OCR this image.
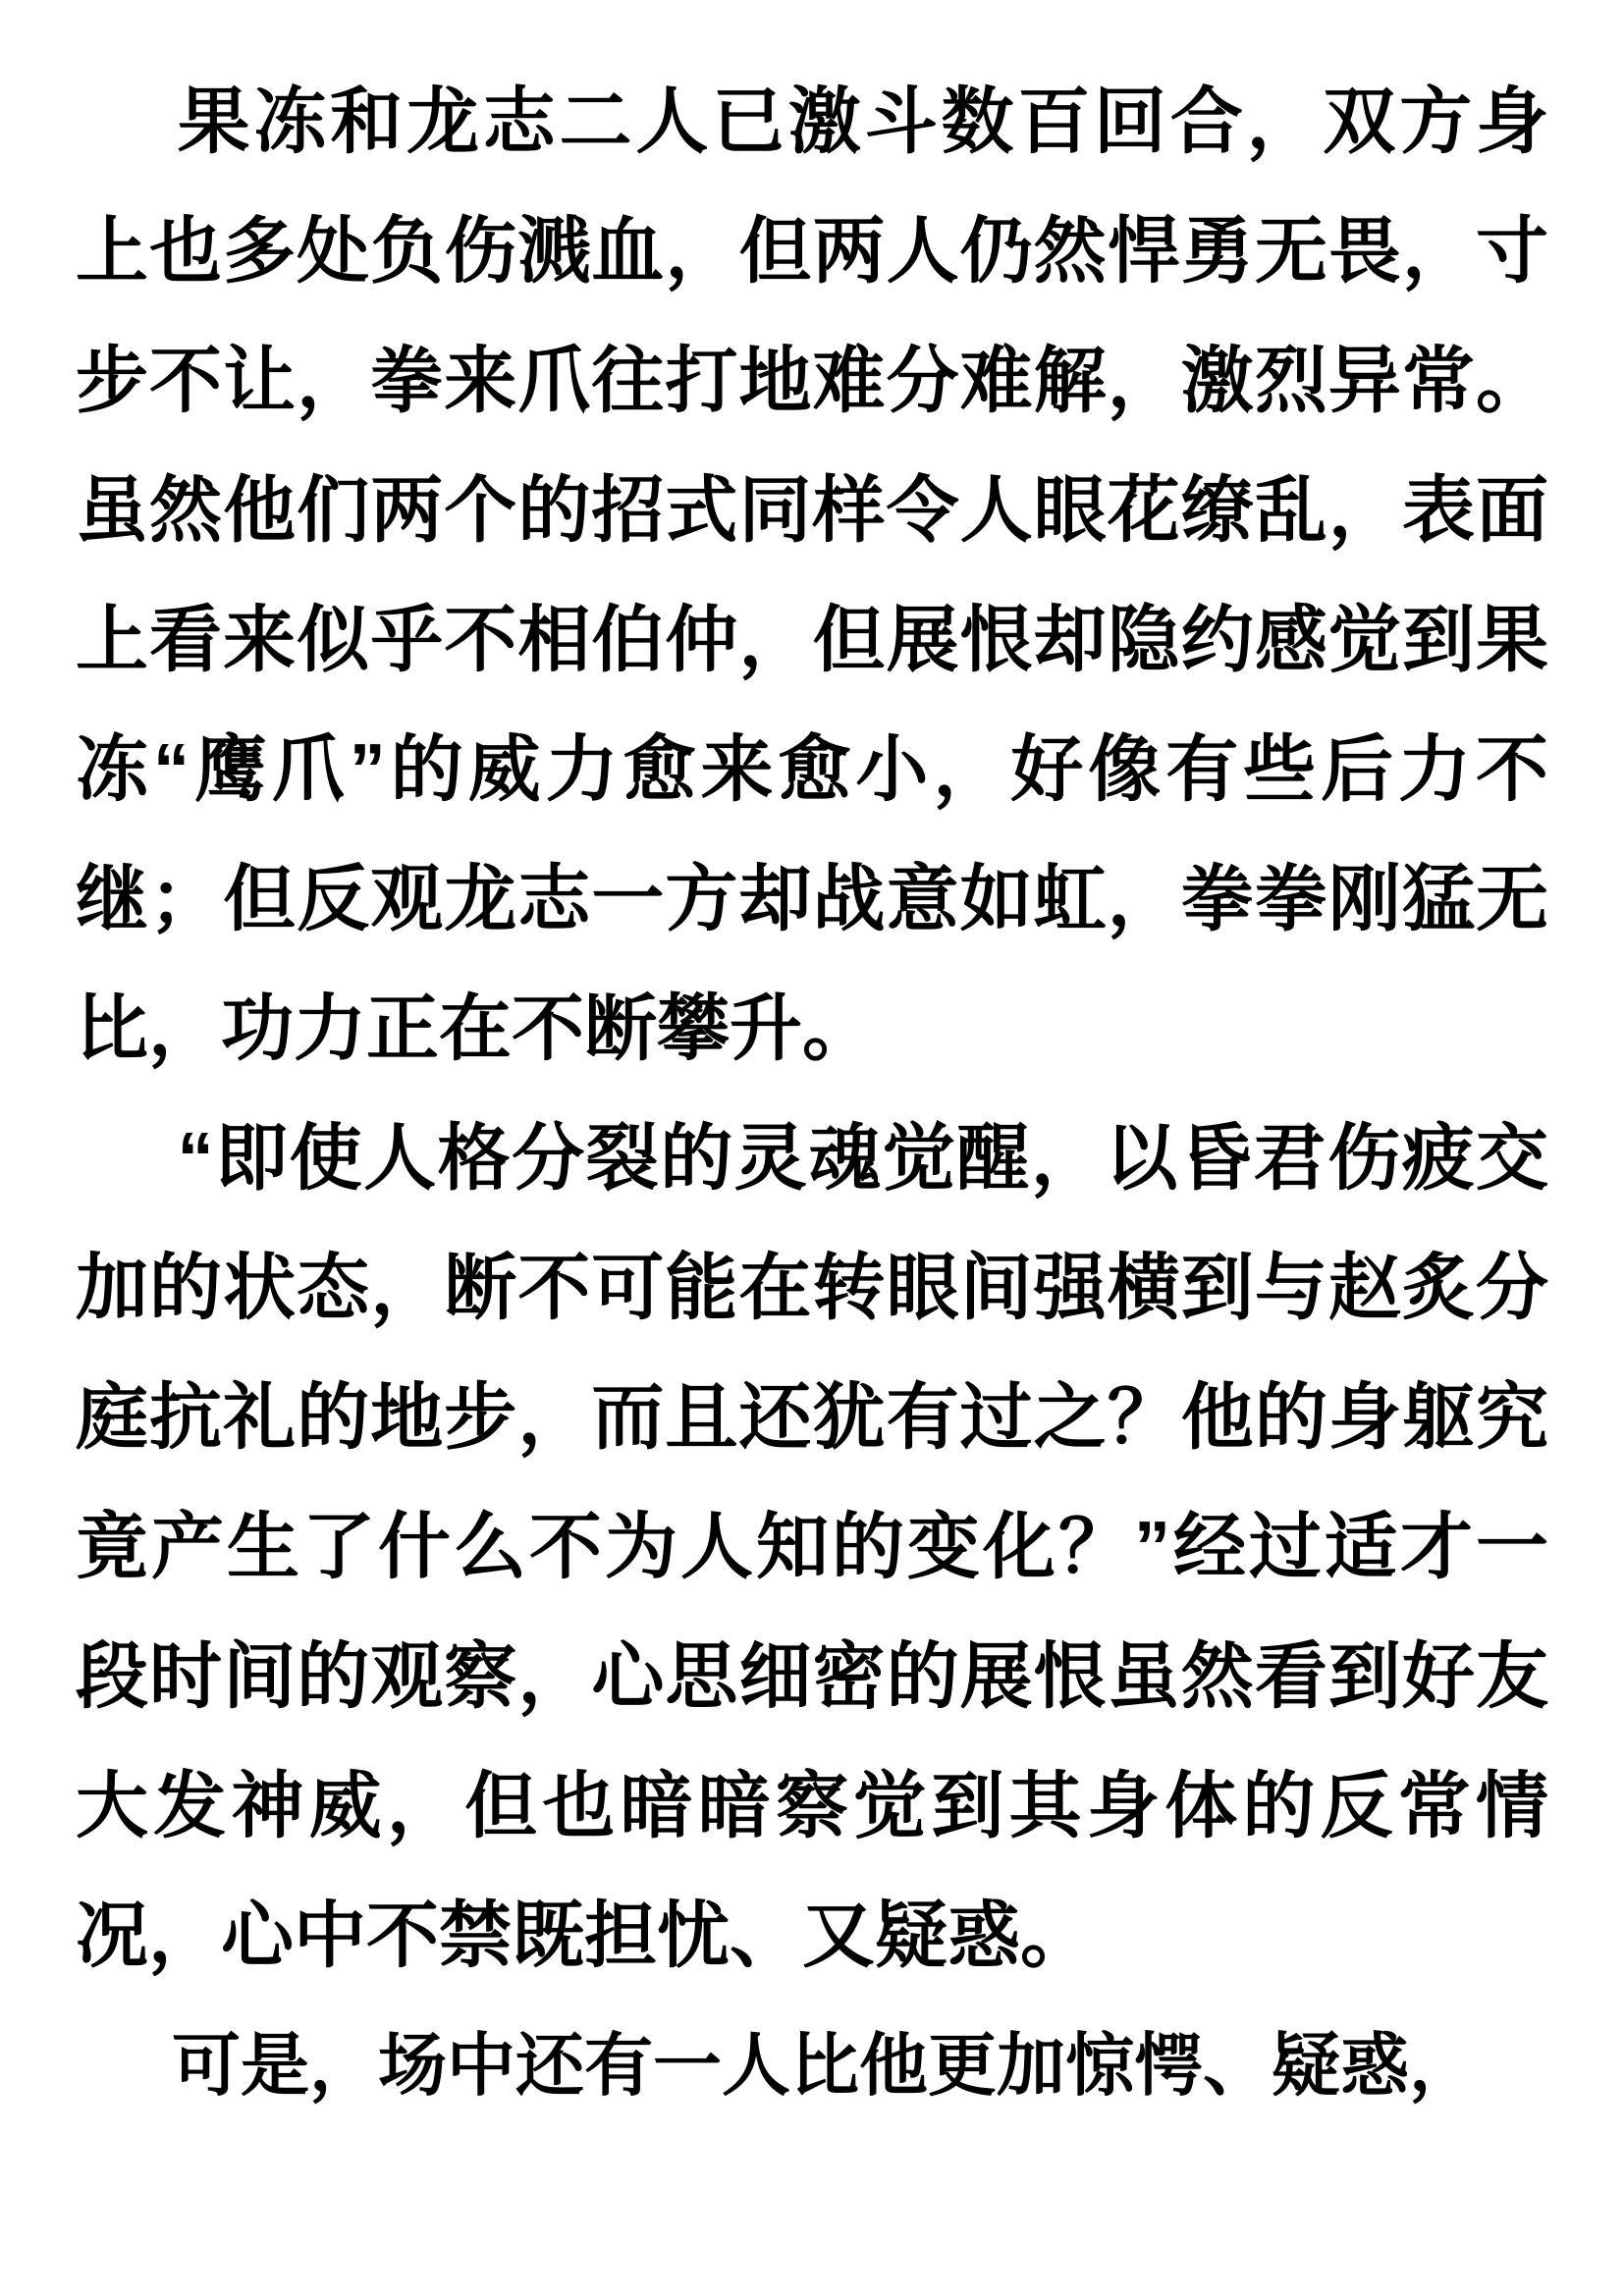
果冻和龙志二人已激斗数百回合，双方身上也多处负伤溅血，但两人仍然悍勇无畏，寸步不让，拳来爪往打地难分难解，激烈异常。虽然他们两个的招式同样令人眼花缭乱，表面上看来似乎不相伯仲，但展恨却隐约感觉到果冻“鹰爪”的威力愈来愈小，好像有些后力不继；但反观龙志一方却战意如虹，拳拳刚猛无比，功力正在不断攀升。

“即使人格分裂的灵魂觉醒，以昏君伤疲交加的状态，断不可能在转眼间强横到与赵炙分庭抗礼的地步，而且还犹有过之？他的身躯究竟产生了什么不为人知的变化？”经过适才一段时间的观察，心思细密的展恨虽然看到好友大发神威，但也暗暗察觉到其身体的反常情况，心中不禁既担忧、又疑惑。

可是，场中还有一人比他更加惊愕、疑惑，
